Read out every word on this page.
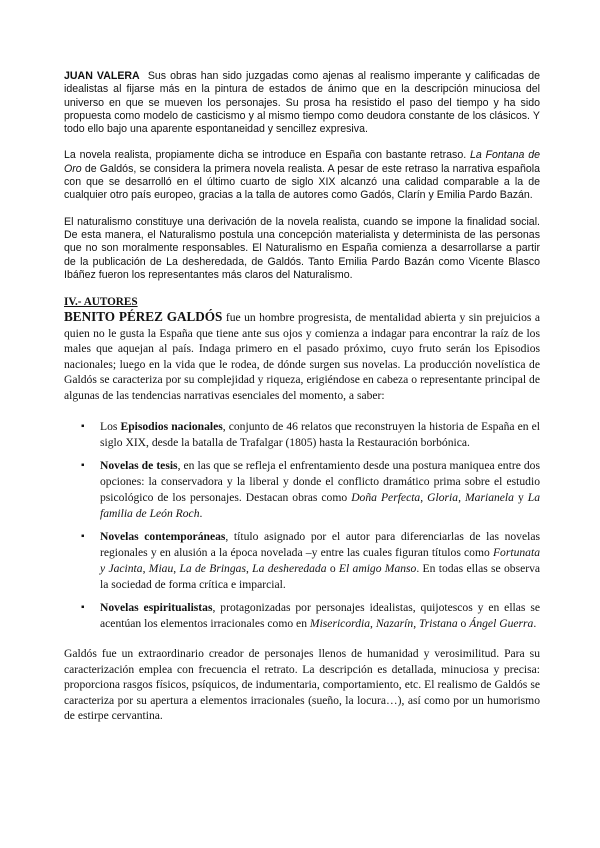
JUAN VALERA Sus obras han sido juzgadas como ajenas al realismo imperante y calificadas de idealistas al fijarse más en la pintura de estados de ánimo que en la descripción minuciosa del universo en que se mueven los personajes. Su prosa ha resistido el paso del tiempo y ha sido propuesta como modelo de casticismo y al mismo tiempo como deudora constante de los clásicos. Y todo ello bajo una aparente espontaneidad y sencillez expresiva.

La novela realista, propiamente dicha se introduce en España con bastante retraso. La Fontana de Oro de Galdós, se considera la primera novela realista. A pesar de este retraso la narrativa española con que se desarrolló en el último cuarto de siglo XIX alcanzó una calidad comparable a la de cualquier otro país europeo, gracias a la talla de autores como Gadós, Clarín y Emilia Pardo Bazán.

El naturalismo constituye una derivación de la novela realista, cuando se impone la finalidad social. De esta manera, el Naturalismo postula una concepción materialista y determinista de las personas que no son moralmente responsables. El Naturalismo en España comienza a desarrollarse a partir de la publicación de La desheredada, de Galdós. Tanto Emilia Pardo Bazán como Vicente Blasco Ibáñez fueron los representantes más claros del Naturalismo.

IV.- AUTORES

BENITO PÉREZ GALDÓS fue un hombre progresista, de mentalidad abierta y sin prejuicios a quien no le gusta la España que tiene ante sus ojos y comienza a indagar para encontrar la raíz de los males que aquejan al país. Indaga primero en el pasado próximo, cuyo fruto serán los Episodios nacionales; luego en la vida que le rodea, de dónde surgen sus novelas. La producción novelística de Galdós se caracteriza por su complejidad y riqueza, erigiéndose en cabeza o representante principal de algunas de las tendencias narrativas esenciales del momento, a saber:

▪ Los Episodios nacionales, conjunto de 46 relatos que reconstruyen la historia de España en el siglo XIX, desde la batalla de Trafalgar (1805) hasta la Restauración borbónica.
▪ Novelas de tesis, en las que se refleja el enfrentamiento desde una postura maniquea entre dos opciones: la conservadora y la liberal y donde el conflicto dramático prima sobre el estudio psicológico de los personajes. Destacan obras como Doña Perfecta, Gloria, Marianela y La familia de León Roch.
▪ Novelas contemporáneas, título asignado por el autor para diferenciarlas de las novelas regionales y en alusión a la época novelada –y entre las cuales figuran títulos como Fortunata y Jacinta, Miau, La de Bringas, La desheredada o El amigo Manso. En todas ellas se observa la sociedad de forma crítica e imparcial.
▪ Novelas espiritualistas, protagonizadas por personajes idealistas, quijotescos y en ellas se acentúan los elementos irracionales como en Misericordia, Nazarín, Tristana o Ángel Guerra.

Galdós fue un extraordinario creador de personajes llenos de humanidad y verosimilitud. Para su caracterización emplea con frecuencia el retrato. La descripción es detallada, minuciosa y precisa: proporciona rasgos físicos, psíquicos, de indumentaria, comportamiento, etc. El realismo de Galdós se caracteriza por su apertura a elementos irracionales (sueño, la locura…), así como por un humorismo de estirpe cervantina.
